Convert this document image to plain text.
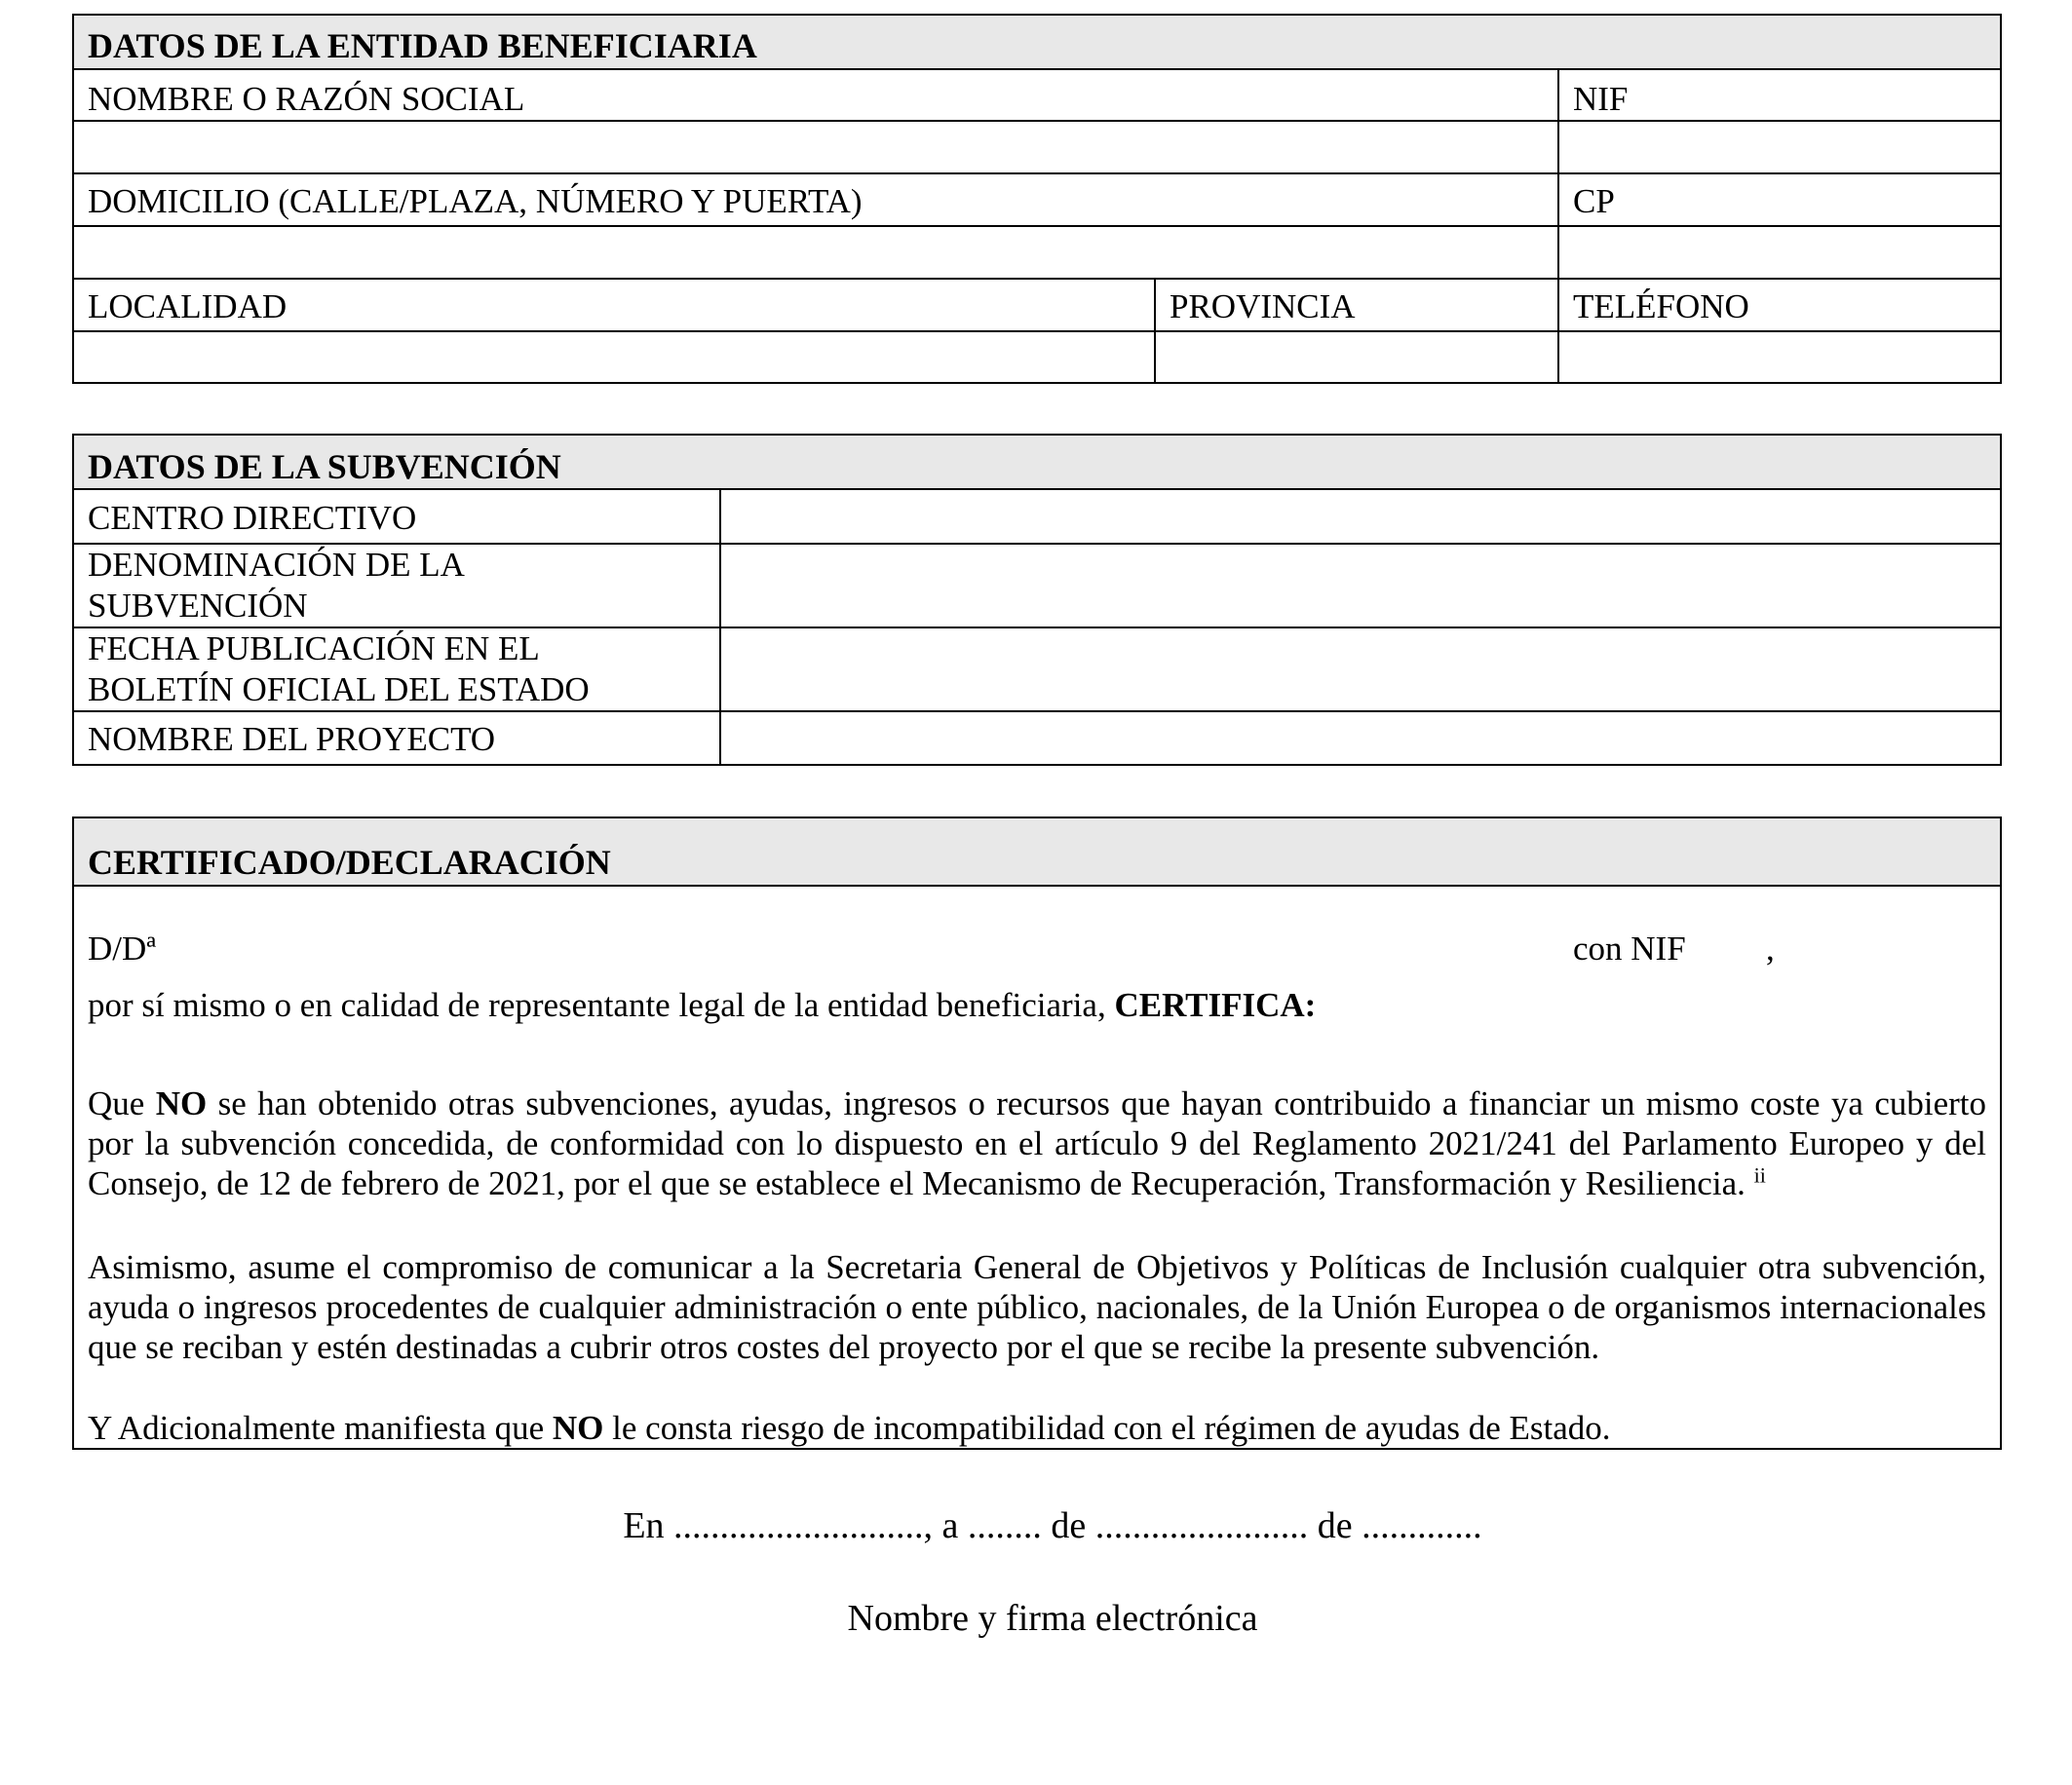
DATOS DE LA ENTIDAD BENEFICIARIA
NOMBRE O RAZÓN SOCIAL	NIF
DOMICILIO (CALLE/PLAZA, NÚMERO Y PUERTA)	CP
LOCALIDAD	PROVINCIA	TELÉFONO
DATOS DE LA SUBVENCIÓN
CENTRO DIRECTIVO
DENOMINACIÓN DE LA
SUBVENCIÓN
FECHA PUBLICACIÓN EN EL
BOLETÍN OFICIAL DEL ESTADO
NOMBRE DEL PROYECTO
CERTIFICADO/DECLARACIÓN
D/Dª	con NIF ,
por sí mismo o en calidad de representante legal de la entidad beneficiaria, CERTIFICA:
Que NO se han obtenido otras subvenciones, ayudas, ingresos o recursos que hayan contribuido a financiar un mismo coste ya cubierto por la subvención concedida, de conformidad con lo dispuesto en el artículo 9 del Reglamento 2021/241 del Parlamento Europeo y del Consejo, de 12 de febrero de 2021, por el que se establece el Mecanismo de Recuperación, Transformación y Resiliencia. $^{ii}$
Asimismo, asume el compromiso de comunicar a la Secretaria General de Objetivos y Políticas de Inclusión cualquier otra subvención, ayuda o ingresos procedentes de cualquier administración o ente público, nacionales, de la Unión Europea o de organismos internacionales que se reciban y estén destinadas a cubrir otros costes del proyecto por el que se recibe la presente subvención.
Y Adicionalmente manifiesta que NO le consta riesgo de incompatibilidad con el régimen de ayudas de Estado.
En ..........................., a ........ de ....................... de .............
Nombre y firma electrónica
